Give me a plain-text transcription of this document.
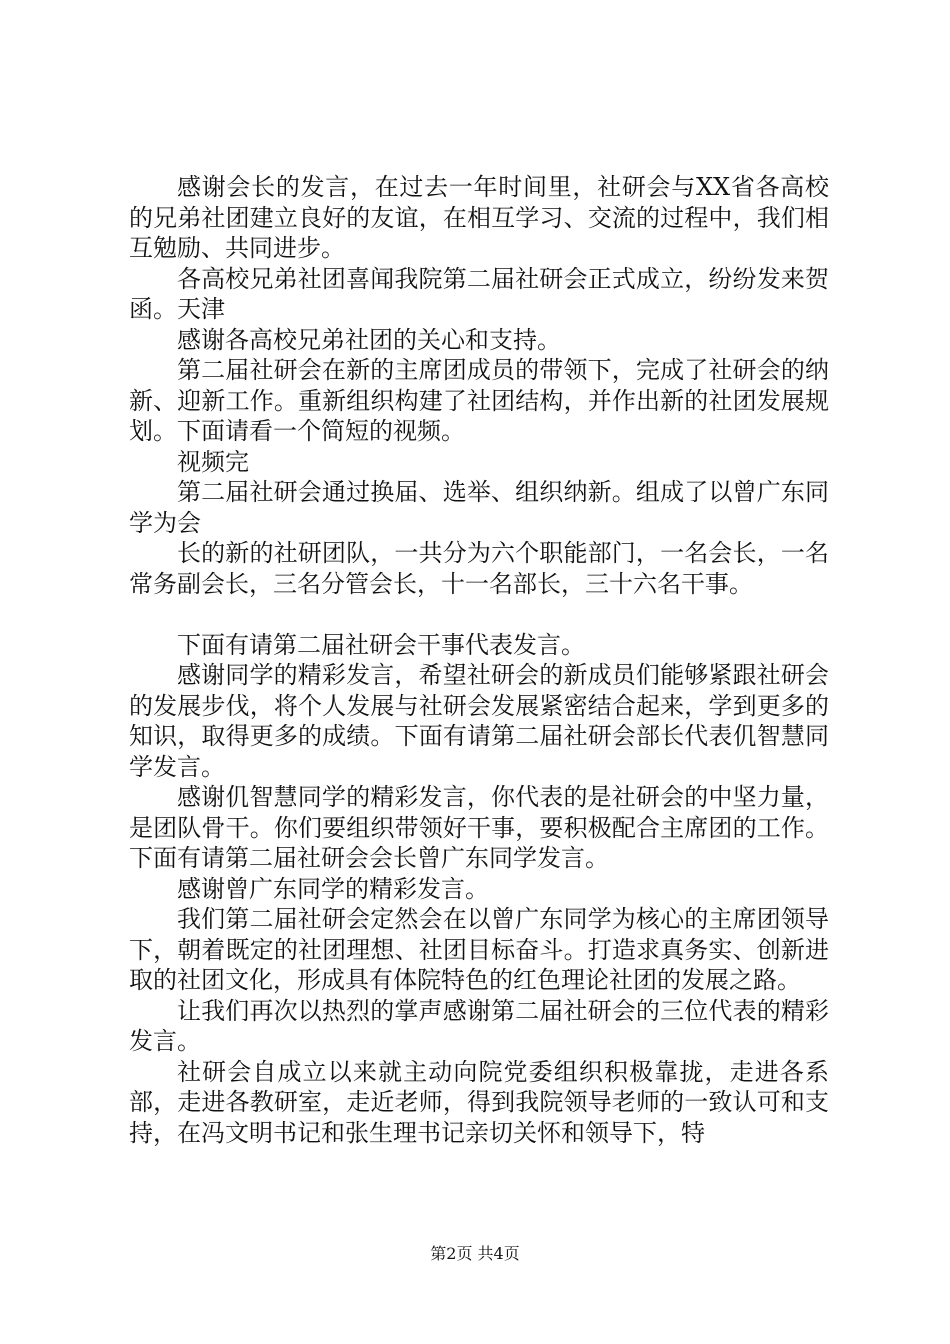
感谢会长的发言，在过去一年时间里，社研会与XX省各高校的兄弟社团建立良好的友谊，在相互学习、交流的过程中，我们相互勉励、共同进步。

各高校兄弟社团喜闻我院第二届社研会正式成立，纷纷发来贺函。天津

感谢各高校兄弟社团的关心和支持。

第二届社研会在新的主席团成员的带领下，完成了社研会的纳新、迎新工作。重新组织构建了社团结构，并作出新的社团发展规划。下面请看一个简短的视频。

视频完

第二届社研会通过换届、选举、组织纳新。组成了以曾广东同学为会

长的新的社研团队，一共分为六个职能部门，一名会长，一名常务副会长，三名分管会长，十一名部长，三十六名干事。

下面有请第二届社研会干事代表发言。

感谢同学的精彩发言，希望社研会的新成员们能够紧跟社研会的发展步伐，将个人发展与社研会发展紧密结合起来，学到更多的知识，取得更多的成绩。下面有请第二届社研会部长代表仉智慧同学发言。

感谢仉智慧同学的精彩发言，你代表的是社研会的中坚力量，是团队骨干。你们要组织带领好干事，要积极配合主席团的工作。下面有请第二届社研会会长曾广东同学发言。

感谢曾广东同学的精彩发言。

我们第二届社研会定然会在以曾广东同学为核心的主席团领导下，朝着既定的社团理想、社团目标奋斗。打造求真务实、创新进取的社团文化，形成具有体院特色的红色理论社团的发展之路。

让我们再次以热烈的掌声感谢第二届社研会的三位代表的精彩发言。

社研会自成立以来就主动向院党委组织积极靠拢，走进各系部，走进各教研室，走近老师，得到我院领导老师的一致认可和支持，在冯文明书记和张生理书记亲切关怀和领导下，特

第2页 共4页
